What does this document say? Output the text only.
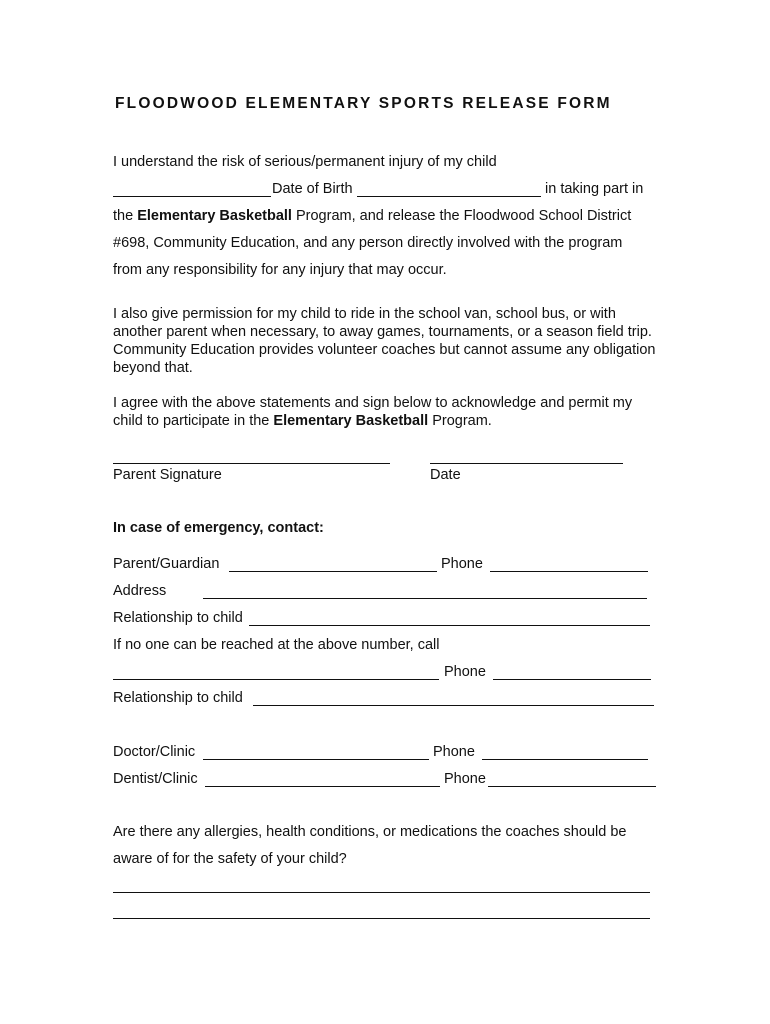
FLOODWOOD ELEMENTARY SPORTS RELEASE FORM
I understand the risk of serious/permanent injury of my child
Date of Birth	in taking part in
the Elementary Basketball Program, and release the Floodwood School District
#698, Community Education, and any person directly involved with the program
from any responsibility for any injury that may occur.
I also give permission for my child to ride in the school van, school bus, or with another parent when necessary, to away games, tournaments, or a season field trip. Community Education provides volunteer coaches but cannot assume any obligation beyond that.
I agree with the above statements and sign below to acknowledge and permit my child to participate in the Elementary Basketball Program.
Parent Signature	Date
In case of emergency, contact:
Parent/Guardian	Phone
Address
Relationship to child
If no one can be reached at the above number, call
Phone
Relationship to child
Doctor/Clinic	Phone
Dentist/Clinic	Phone
Are there any allergies, health conditions, or medications the coaches should be
aware of for the safety of your child?
